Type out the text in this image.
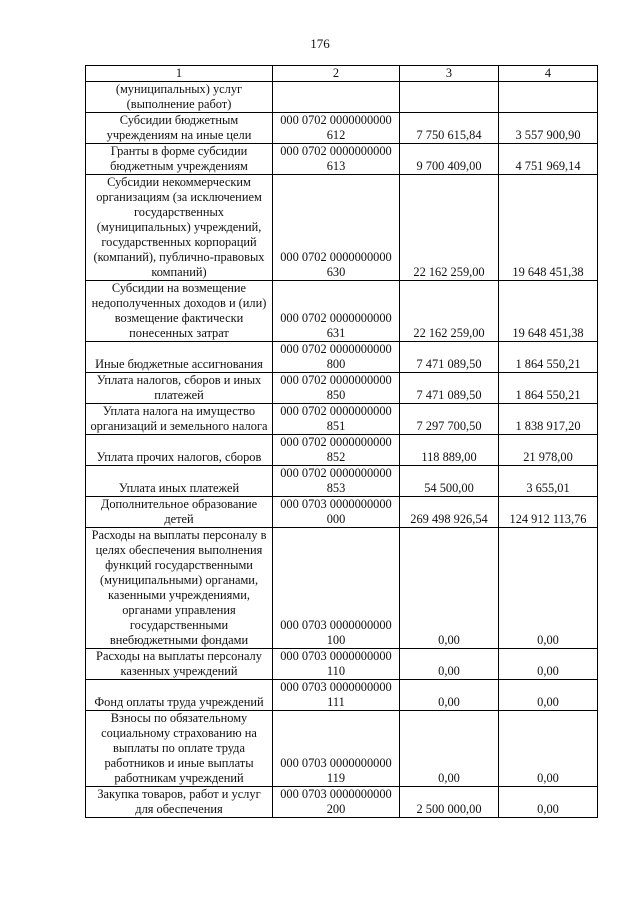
176
1	2	3	4
(муниципальных) услуг (выполнение работ)			
Субсидии бюджетным учреждениям на иные цели	000 0702 0000000000 612	7 750 615,84	3 557 900,90
Гранты в форме субсидии бюджетным учреждениям	000 0702 0000000000 613	9 700 409,00	4 751 969,14
Субсидии некоммерческим организациям (за исключением государственных (муниципальных) учреждений, государственных корпораций (компаний), публично-правовых компаний)	000 0702 0000000000 630	22 162 259,00	19 648 451,38
Субсидии на возмещение недополученных доходов и (или) возмещение фактически понесенных затрат	000 0702 0000000000 631	22 162 259,00	19 648 451,38
Иные бюджетные ассигнования	000 0702 0000000000 800	7 471 089,50	1 864 550,21
Уплата налогов, сборов и иных платежей	000 0702 0000000000 850	7 471 089,50	1 864 550,21
Уплата налога на имущество организаций и земельного налога	000 0702 0000000000 851	7 297 700,50	1 838 917,20
Уплата прочих налогов, сборов	000 0702 0000000000 852	118 889,00	21 978,00
Уплата иных платежей	000 0702 0000000000 853	54 500,00	3 655,01
Дополнительное образование детей	000 0703 0000000000 000	269 498 926,54	124 912 113,76
Расходы на выплаты персоналу в целях обеспечения выполнения функций государственными (муниципальными) органами, казенными учреждениями, органами управления государственными внебюджетными фондами	000 0703 0000000000 100	0,00	0,00
Расходы на выплаты персоналу казенных учреждений	000 0703 0000000000 110	0,00	0,00
Фонд оплаты труда учреждений	000 0703 0000000000 111	0,00	0,00
Взносы по обязательному социальному страхованию на выплаты по оплате труда работников и иные выплаты работникам учреждений	000 0703 0000000000 119	0,00	0,00
Закупка товаров, работ и услуг для обеспечения	000 0703 0000000000 200	2 500 000,00	0,00
